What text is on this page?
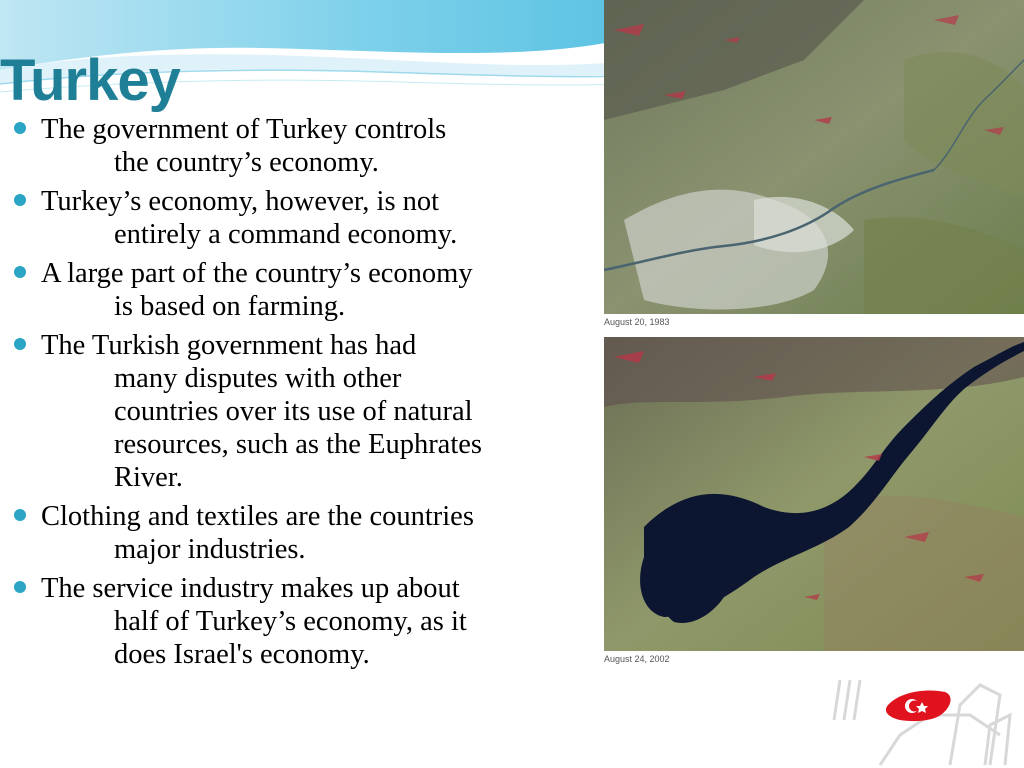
Turkey
The government of Turkey controls
the country’s economy.
Turkey’s economy, however, is not
entirely a command economy.
A large part of the country’s economy
is based on farming.
The Turkish government has had
many disputes with other
countries over its use of natural
resources, such as the Euphrates
River.
Clothing and textiles are the countries
major industries.
The service industry makes up about
half of Turkey’s economy, as it
does Israel's economy.
August 20, 1983
August 24, 2002
